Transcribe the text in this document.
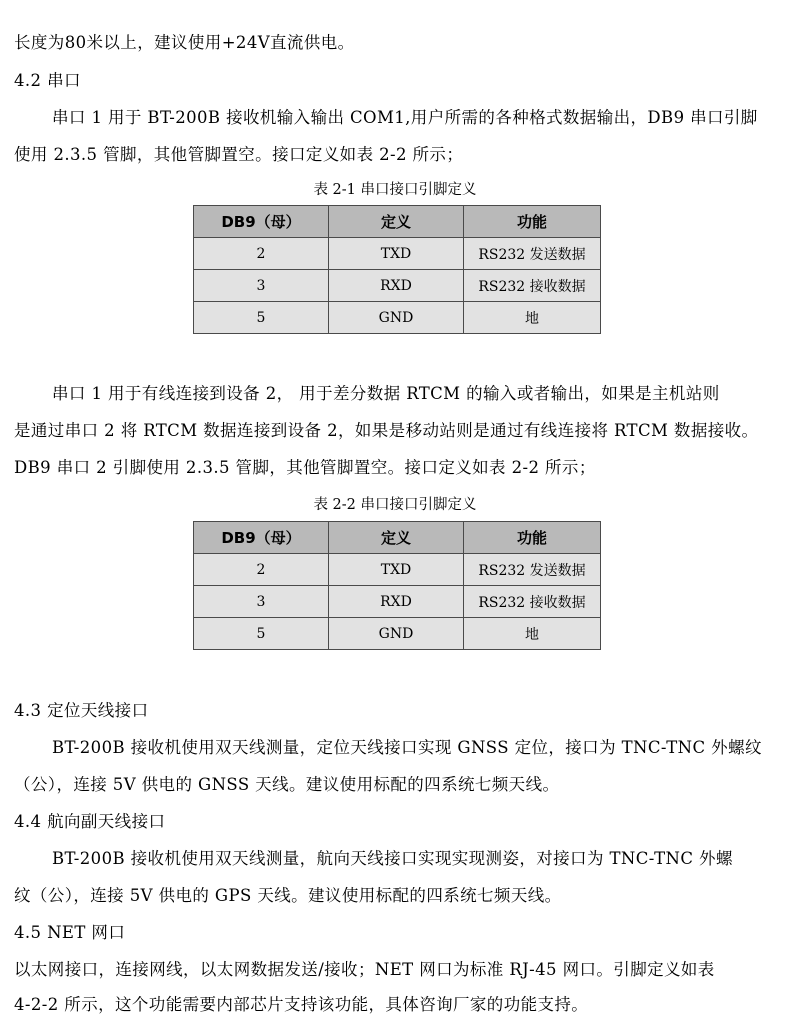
长度为80米以上，建议使用+24V直流供电。
4.2 串口
串口 1 用于 BT-200B 接收机输入输出 COM1,用户所需的各种格式数据输出，DB9 串口引脚
使用 2.3.5 管脚，其他管脚置空。接口定义如表 2-2 所示；
表 2-1 串口接口引脚定义
DB9（母）	定义	功能
2	TXD	RS232 发送数据
3	RXD	RS232 接收数据
5	GND	地
串口 1 用于有线连接到设备 2， 用于差分数据 RTCM 的输入或者输出，如果是主机站则
是通过串口 2 将 RTCM 数据连接到设备 2，如果是移动站则是通过有线连接将 RTCM 数据接收。
DB9 串口 2 引脚使用 2.3.5 管脚，其他管脚置空。接口定义如表 2-2 所示；
表 2-2 串口接口引脚定义
DB9（母）	定义	功能
2	TXD	RS232 发送数据
3	RXD	RS232 接收数据
5	GND	地
4.3 定位天线接口
BT-200B 接收机使用双天线测量，定位天线接口实现 GNSS 定位，接口为 TNC-TNC 外螺纹
（公），连接 5V 供电的 GNSS 天线。建议使用标配的四系统七频天线。
4.4 航向副天线接口
BT-200B 接收机使用双天线测量，航向天线接口实现实现测姿，对接口为 TNC-TNC 外螺
纹（公），连接 5V 供电的 GPS 天线。建议使用标配的四系统七频天线。
4.5 NET 网口
以太网接口，连接网线，以太网数据发送/接收；NET 网口为标准 RJ-45 网口。引脚定义如表
4-2-2 所示，这个功能需要内部芯片支持该功能，具体咨询厂家的功能支持。
